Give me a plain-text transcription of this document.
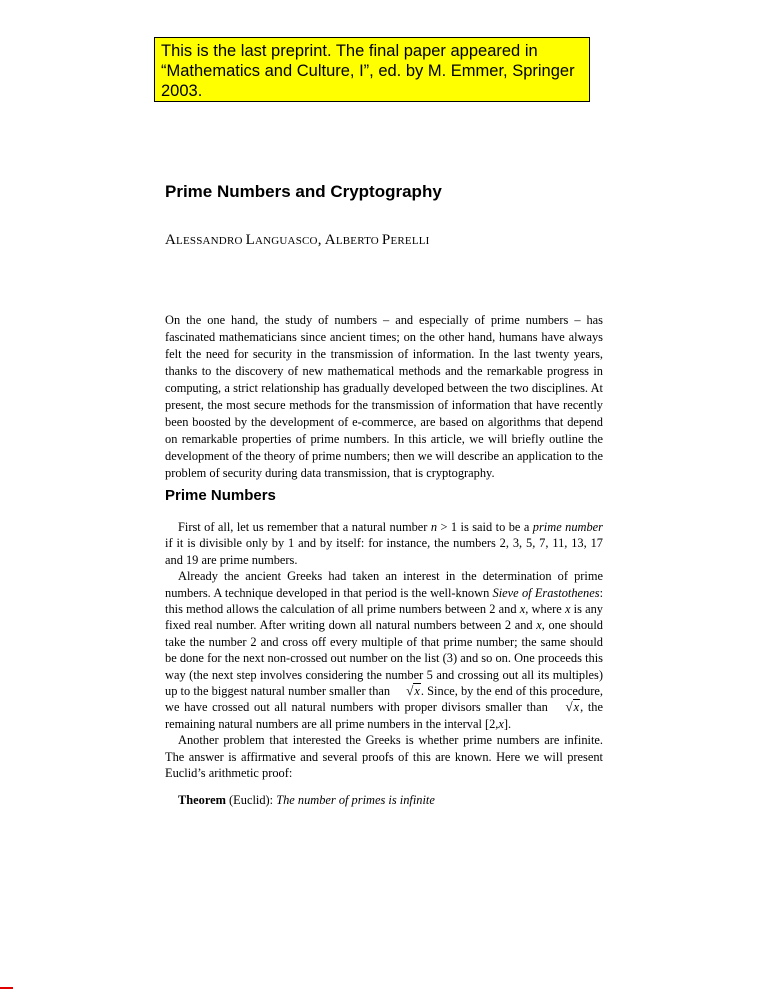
This is the last preprint. The final paper appeared in
“Mathematics and Culture, I”, ed. by M. Emmer, Springer
2003.
Prime Numbers and Cryptography
ALESSANDRO LANGUASCO, ALBERTO PERELLI

On the one hand, the study of numbers – and especially of prime numbers – has fascinated mathematicians since ancient times; on the other hand, humans have always felt the need for security in the transmission of information. In the last twenty years, thanks to the discovery of new mathematical methods and the remarkable progress in computing, a strict relationship has gradually developed between the two disciplines. At present, the most secure methods for the transmission of information that have recently been boosted by the development of e-commerce, are based on algorithms that depend on remarkable properties of prime numbers. In this article, we will briefly outline the development of the theory of prime numbers; then we will describe an application to the problem of security during data transmission, that is cryptography.

Prime Numbers

First of all, let us remember that a natural number n > 1 is said to be a prime number if it is divisible only by 1 and by itself: for instance, the numbers 2, 3, 5, 7, 11, 13, 17 and 19 are prime numbers.

Already the ancient Greeks had taken an interest in the determination of prime numbers. A technique developed in that period is the well-known Sieve of Erastothenes: this method allows the calculation of all prime numbers between 2 and x, where x is any fixed real number. After writing down all natural numbers between 2 and x, one should take the number 2 and cross off every multiple of that prime number; the same should be done for the next non-crossed out number on the list (3) and so on. One proceeds this way (the next step involves considering the number 5 and crossing out all its multiples) up to the biggest natural number smaller than √x. Since, by the end of this procedure, we have crossed out all natural numbers with proper divisors smaller than √x, the remaining natural numbers are all prime numbers in the interval [2,x].

Another problem that interested the Greeks is whether prime numbers are infinite. The answer is affirmative and several proofs of this are known. Here we will present Euclid’s arithmetic proof:

Theorem (Euclid): The number of primes is infinite
